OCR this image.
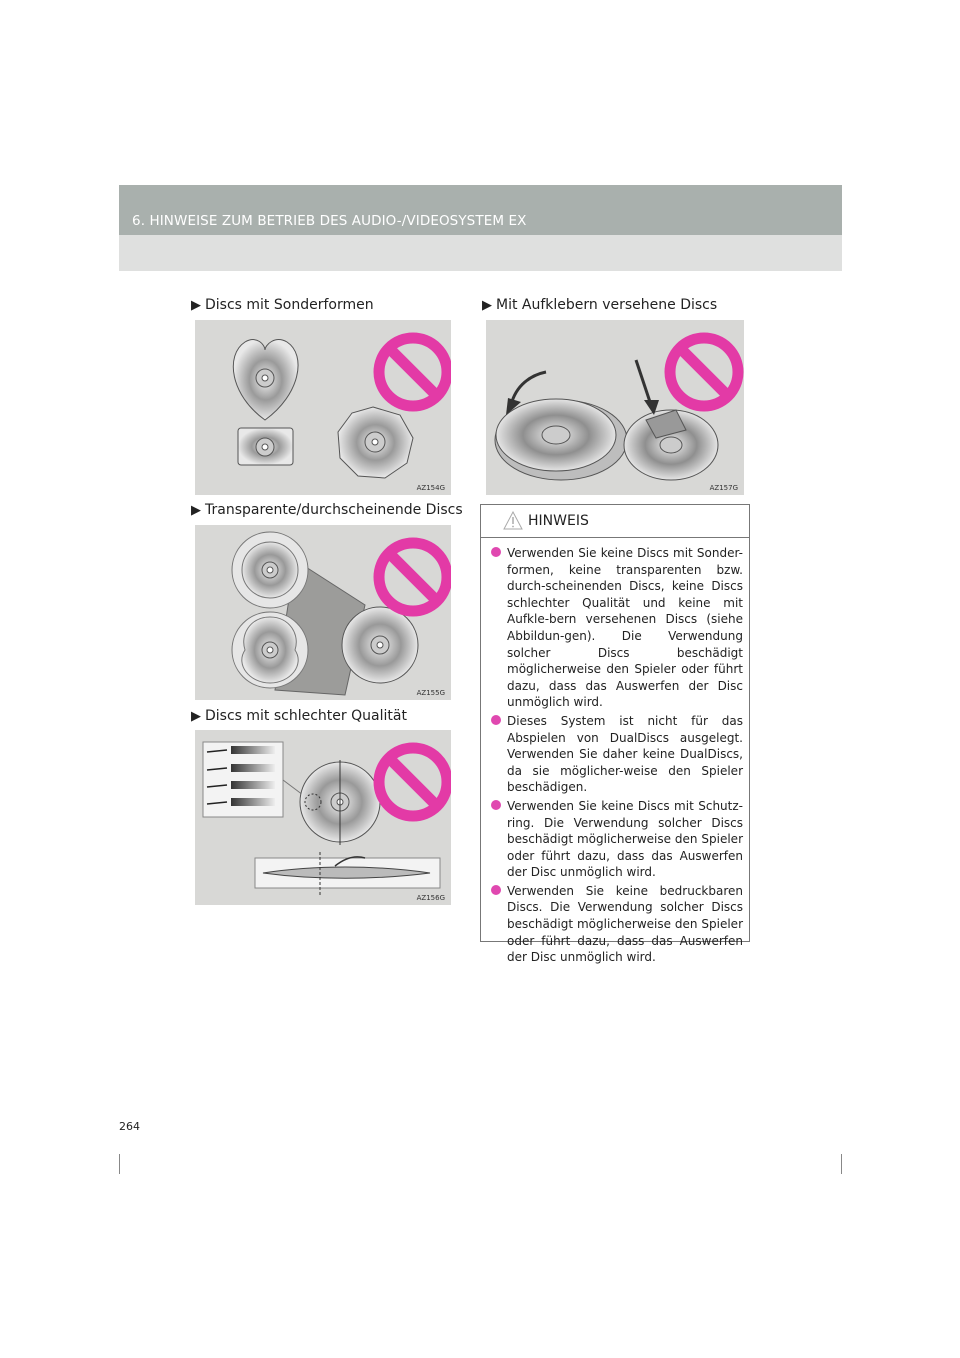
6. HINWEISE ZUM BETRIEB DES AUDIO-/VIDEOSYSTEM EX
▶ Discs mit Sonderformen	▶ Mit Aufklebern versehene Discs
▶ Transparente/durchscheinende Discs
▶ Discs mit schlechter Qualität
AZ154G	AZ157G
AZ155G
AZ156G
HINWEIS
Verwenden Sie keine Discs mit Sonder-formen, keine transparenten bzw. durch-scheinenden Discs, keine Discs schlechter Qualität und keine mit Aufkle-bern versehenen Discs (siehe Abbildun-gen). Die Verwendung solcher Discs beschädigt möglicherweise den Spieler oder führt dazu, dass das Auswerfen der Disc unmöglich wird.
Dieses System ist nicht für das Abspielen von DualDiscs ausgelegt. Verwenden Sie daher keine DualDiscs, da sie möglicher-weise den Spieler beschädigen.
Verwenden Sie keine Discs mit Schutz-ring. Die Verwendung solcher Discs beschädigt möglicherweise den Spieler oder führt dazu, dass das Auswerfen der Disc unmöglich wird.
Verwenden Sie keine bedruckbaren Discs. Die Verwendung solcher Discs beschädigt möglicherweise den Spieler oder führt dazu, dass das Auswerfen der Disc unmöglich wird.
264
